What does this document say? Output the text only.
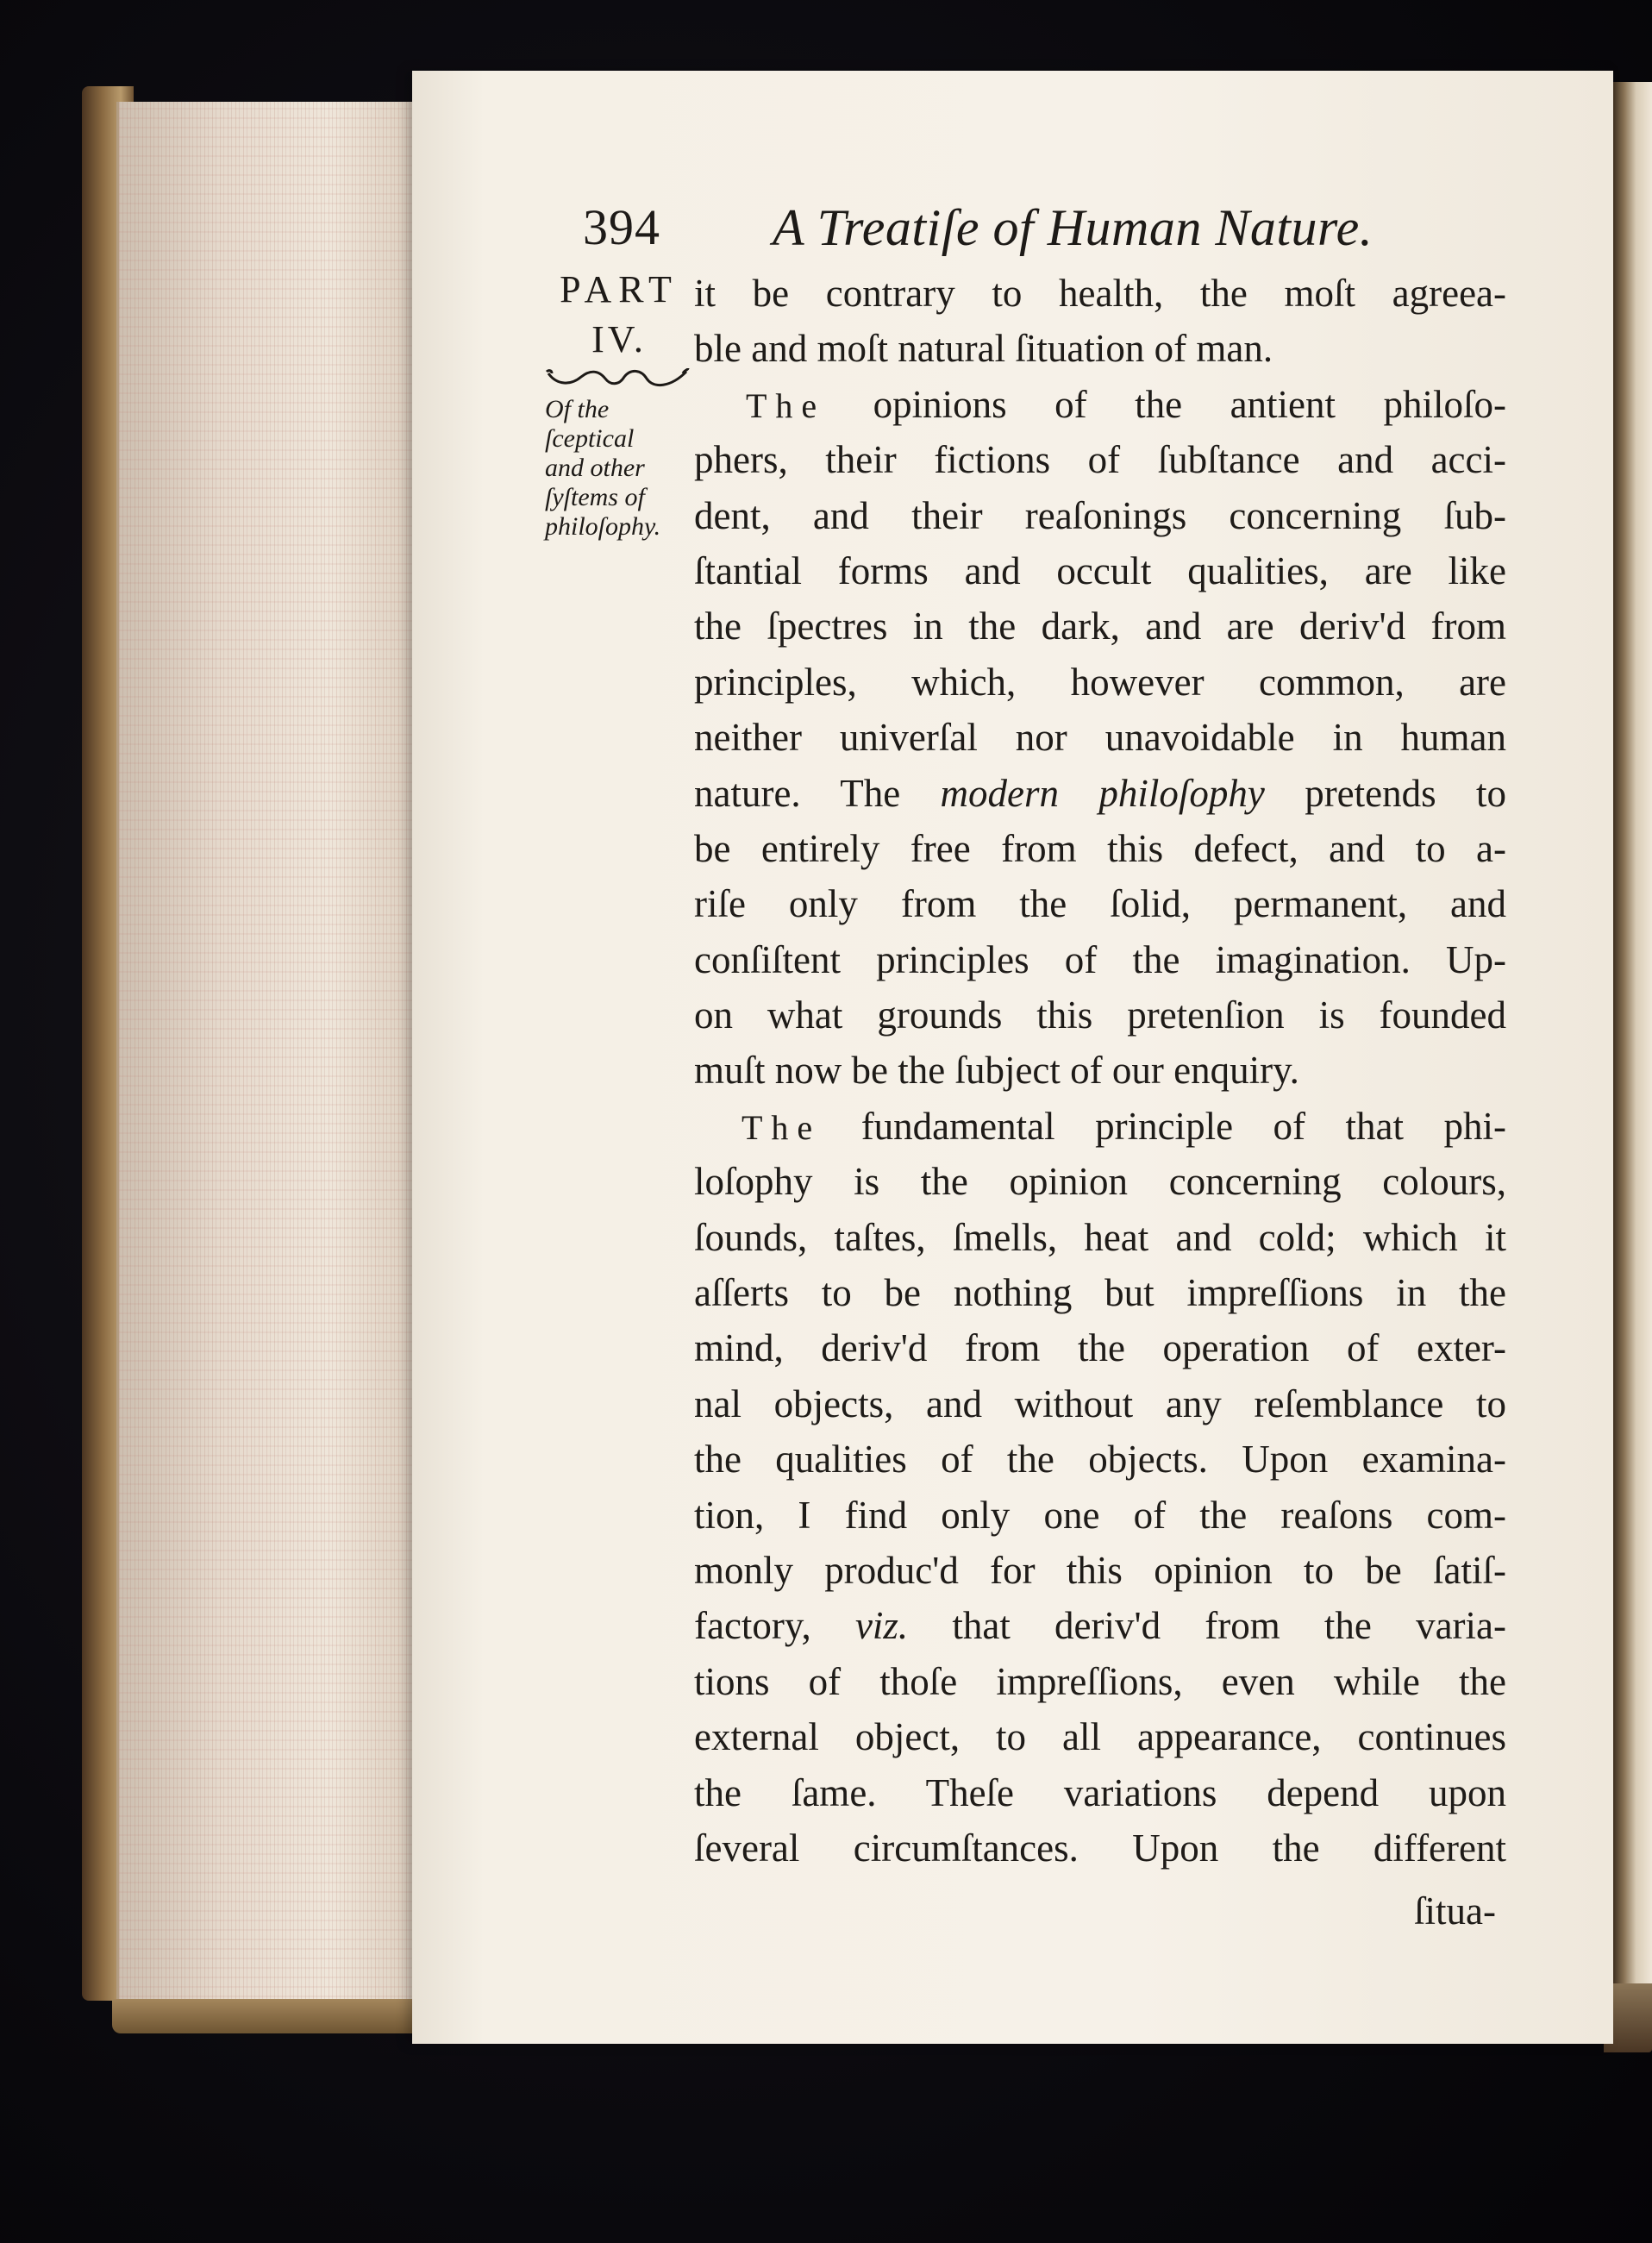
394 A Treatiſe of Human Nature.
PART
IV.
Of the
ſceptical
and other
ſyſtems of
philoſophy.
it be contrary to health, the moſt agreea-
ble and moſt natural ſituation of man.
The opinions of the antient philoſo-
phers, their fictions of ſubſtance and acci-
dent, and their reaſonings concerning ſub-
ſtantial forms and occult qualities, are like
the ſpectres in the dark, and are deriv'd from
principles, which, however common, are
neither univerſal nor unavoidable in human
nature. The modern philoſophy pretends to
be entirely free from this defect, and to a-
riſe only from the ſolid, permanent, and
conſiſtent principles of the imagination. Up-
on what grounds this pretenſion is founded
muſt now be the ſubject of our enquiry.
The fundamental principle of that phi-
loſophy is the opinion concerning colours,
ſounds, taſtes, ſmells, heat and cold; which it
aſſerts to be nothing but impreſſions in the
mind, deriv'd from the operation of exter-
nal objects, and without any reſemblance to
the qualities of the objects. Upon examina-
tion, I find only one of the reaſons com-
monly produc'd for this opinion to be ſatiſ-
factory, viz. that deriv'd from the varia-
tions of thoſe impreſſions, even while the
external object, to all appearance, continues
the ſame. Theſe variations depend upon
ſeveral circumſtances. Upon the different
ſitua-
